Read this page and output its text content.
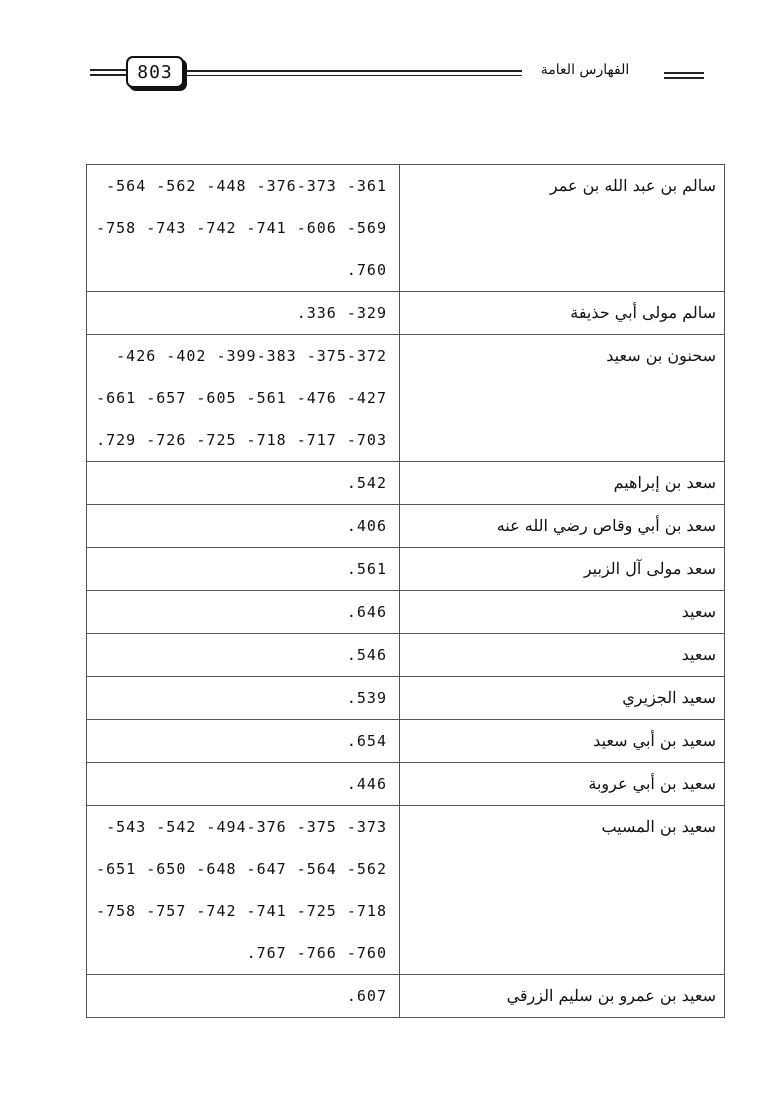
803	الفهارس العامة
سالم بن عبد الله بن عمر	-564 -562 -448 -376-373 -361
-758 -743 -742 -741 -606 -569
.760

سالم مولى أبي حذيفة	.336 -329

سحنون بن سعيد	-426 -402 -399-383 -375-372
-661 -657 -605 -561 -476 -427
.729 -726 -725 -718 -717 -703

سعد بن إبراهيم	.542

سعد بن أبي وقاص رضي الله عنه	.406

سعد مولى آل الزبير	.561

سعيد	.646

سعيد	.546

سعيد الجزيري	.539

سعيد بن أبي سعيد	.654

سعيد بن أبي عروبة	.446

سعيد بن المسيب	-543 -542 -494-376 -375 -373
-651 -650 -648 -647 -564 -562
-758 -757 -742 -741 -725 -718
.767 -766 -760

سعيد بن عمرو بن سليم الزرقي	.607
